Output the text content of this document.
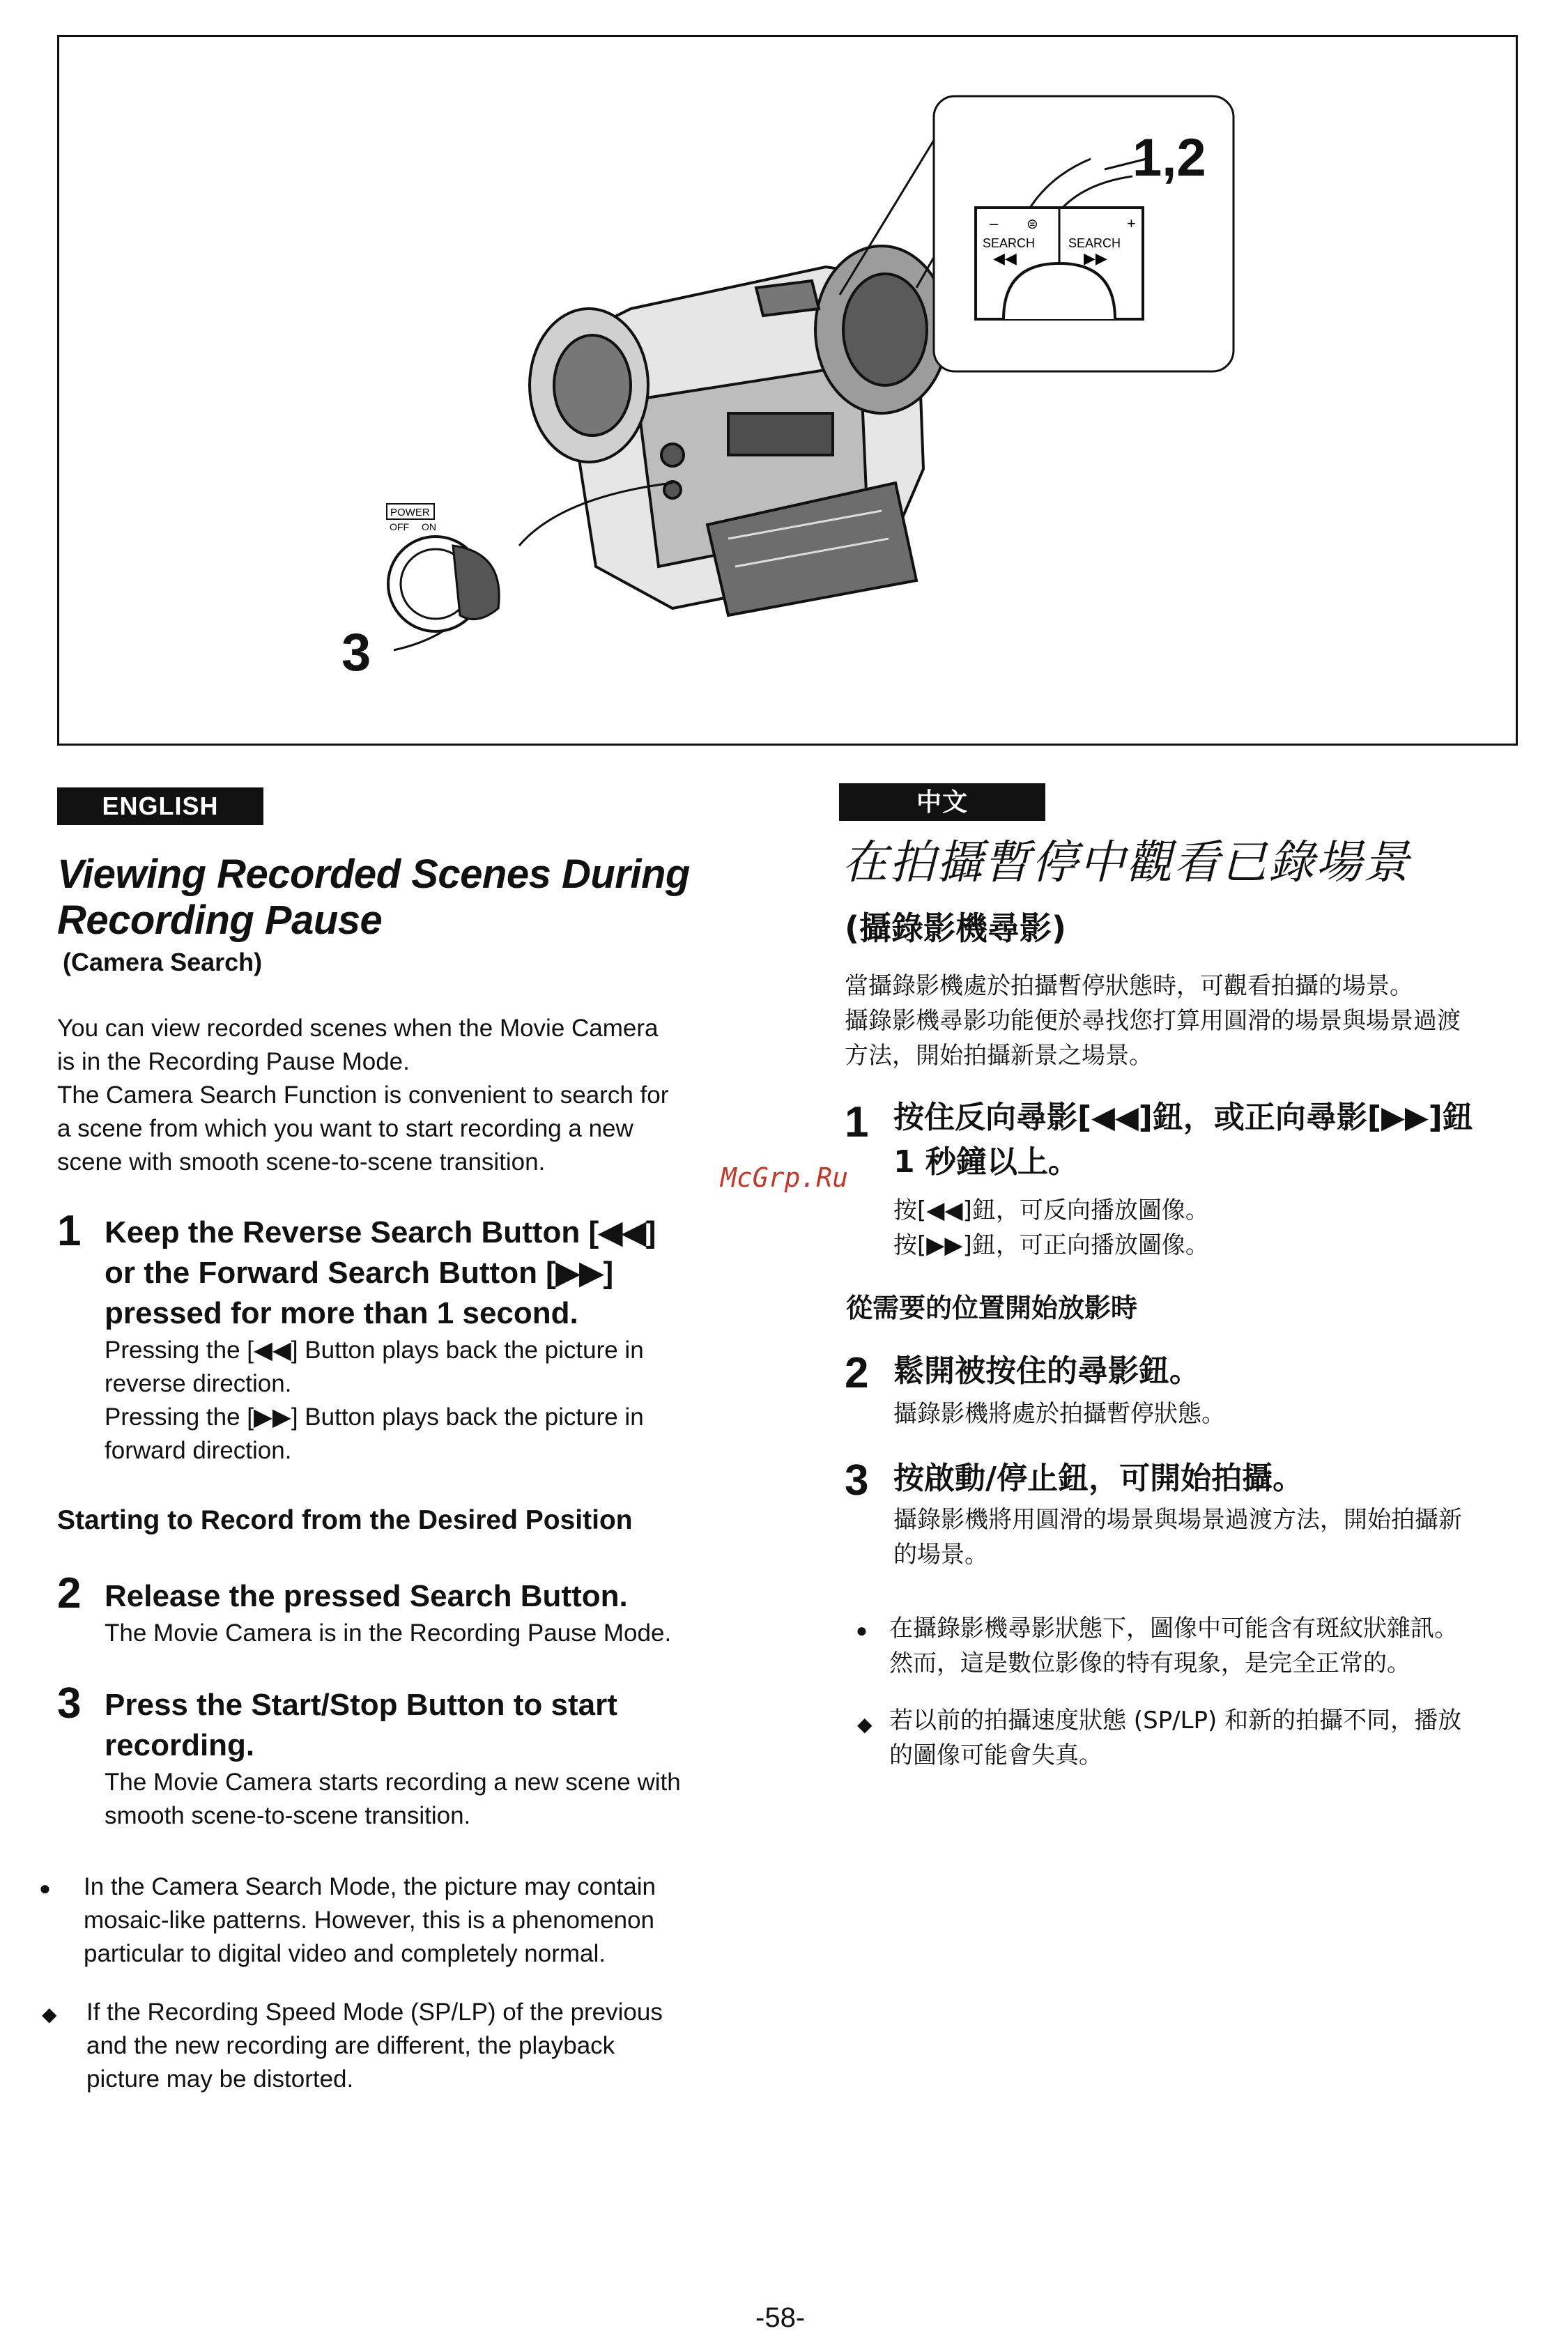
–	+
SEARCH	SEARCH
◀◀	▶▶
⊜
POWER
OFF ON
1,2
3
ENGLISH
Viewing Recorded Scenes During
Recording Pause
(Camera Search)
You can view recorded scenes when the Movie Camera
is in the Recording Pause Mode.
The Camera Search Function is convenient to search for
a scene from which you want to start recording a new
scene with smooth scene-to-scene transition.
1 Keep the Reverse Search Button [◀◀]
or the Forward Search Button [▶▶]
pressed for more than 1 second.
Pressing the [◀◀] Button plays back the picture in
reverse direction.
Pressing the [▶▶] Button plays back the picture in
forward direction.
Starting to Record from the Desired Position
2 Release the pressed Search Button.
The Movie Camera is in the Recording Pause Mode.
3 Press the Start/Stop Button to start
recording.
The Movie Camera starts recording a new scene with
smooth scene-to-scene transition.
● In the Camera Search Mode, the picture may contain
mosaic-like patterns. However, this is a phenomenon
particular to digital video and completely normal.
◆ If the Recording Speed Mode (SP/LP) of the previous
and the new recording are different, the playback
picture may be distorted.
中文
在拍攝暫停中觀看已錄場景
(攝錄影機尋影)
當攝錄影機處於拍攝暫停狀態時，可觀看拍攝的場景。
攝錄影機尋影功能便於尋找您打算用圓滑的場景與場景過渡
方法，開始拍攝新景之場景。
McGrp.Ru
1 按住反向尋影[◀◀]鈕，或正向尋影[▶▶]鈕
1 秒鐘以上。
按[◀◀]鈕，可反向播放圖像。
按[▶▶]鈕，可正向播放圖像。
從需要的位置開始放影時
2 鬆開被按住的尋影鈕。
攝錄影機將處於拍攝暫停狀態。
3 按啟動/停止鈕，可開始拍攝。
攝錄影機將用圓滑的場景與場景過渡方法，開始拍攝新
的場景。
● 在攝錄影機尋影狀態下，圖像中可能含有斑紋狀雜訊。
然而，這是數位影像的特有現象，是完全正常的。
◆ 若以前的拍攝速度狀態 (SP/LP) 和新的拍攝不同，播放
的圖像可能會失真。
-58-
